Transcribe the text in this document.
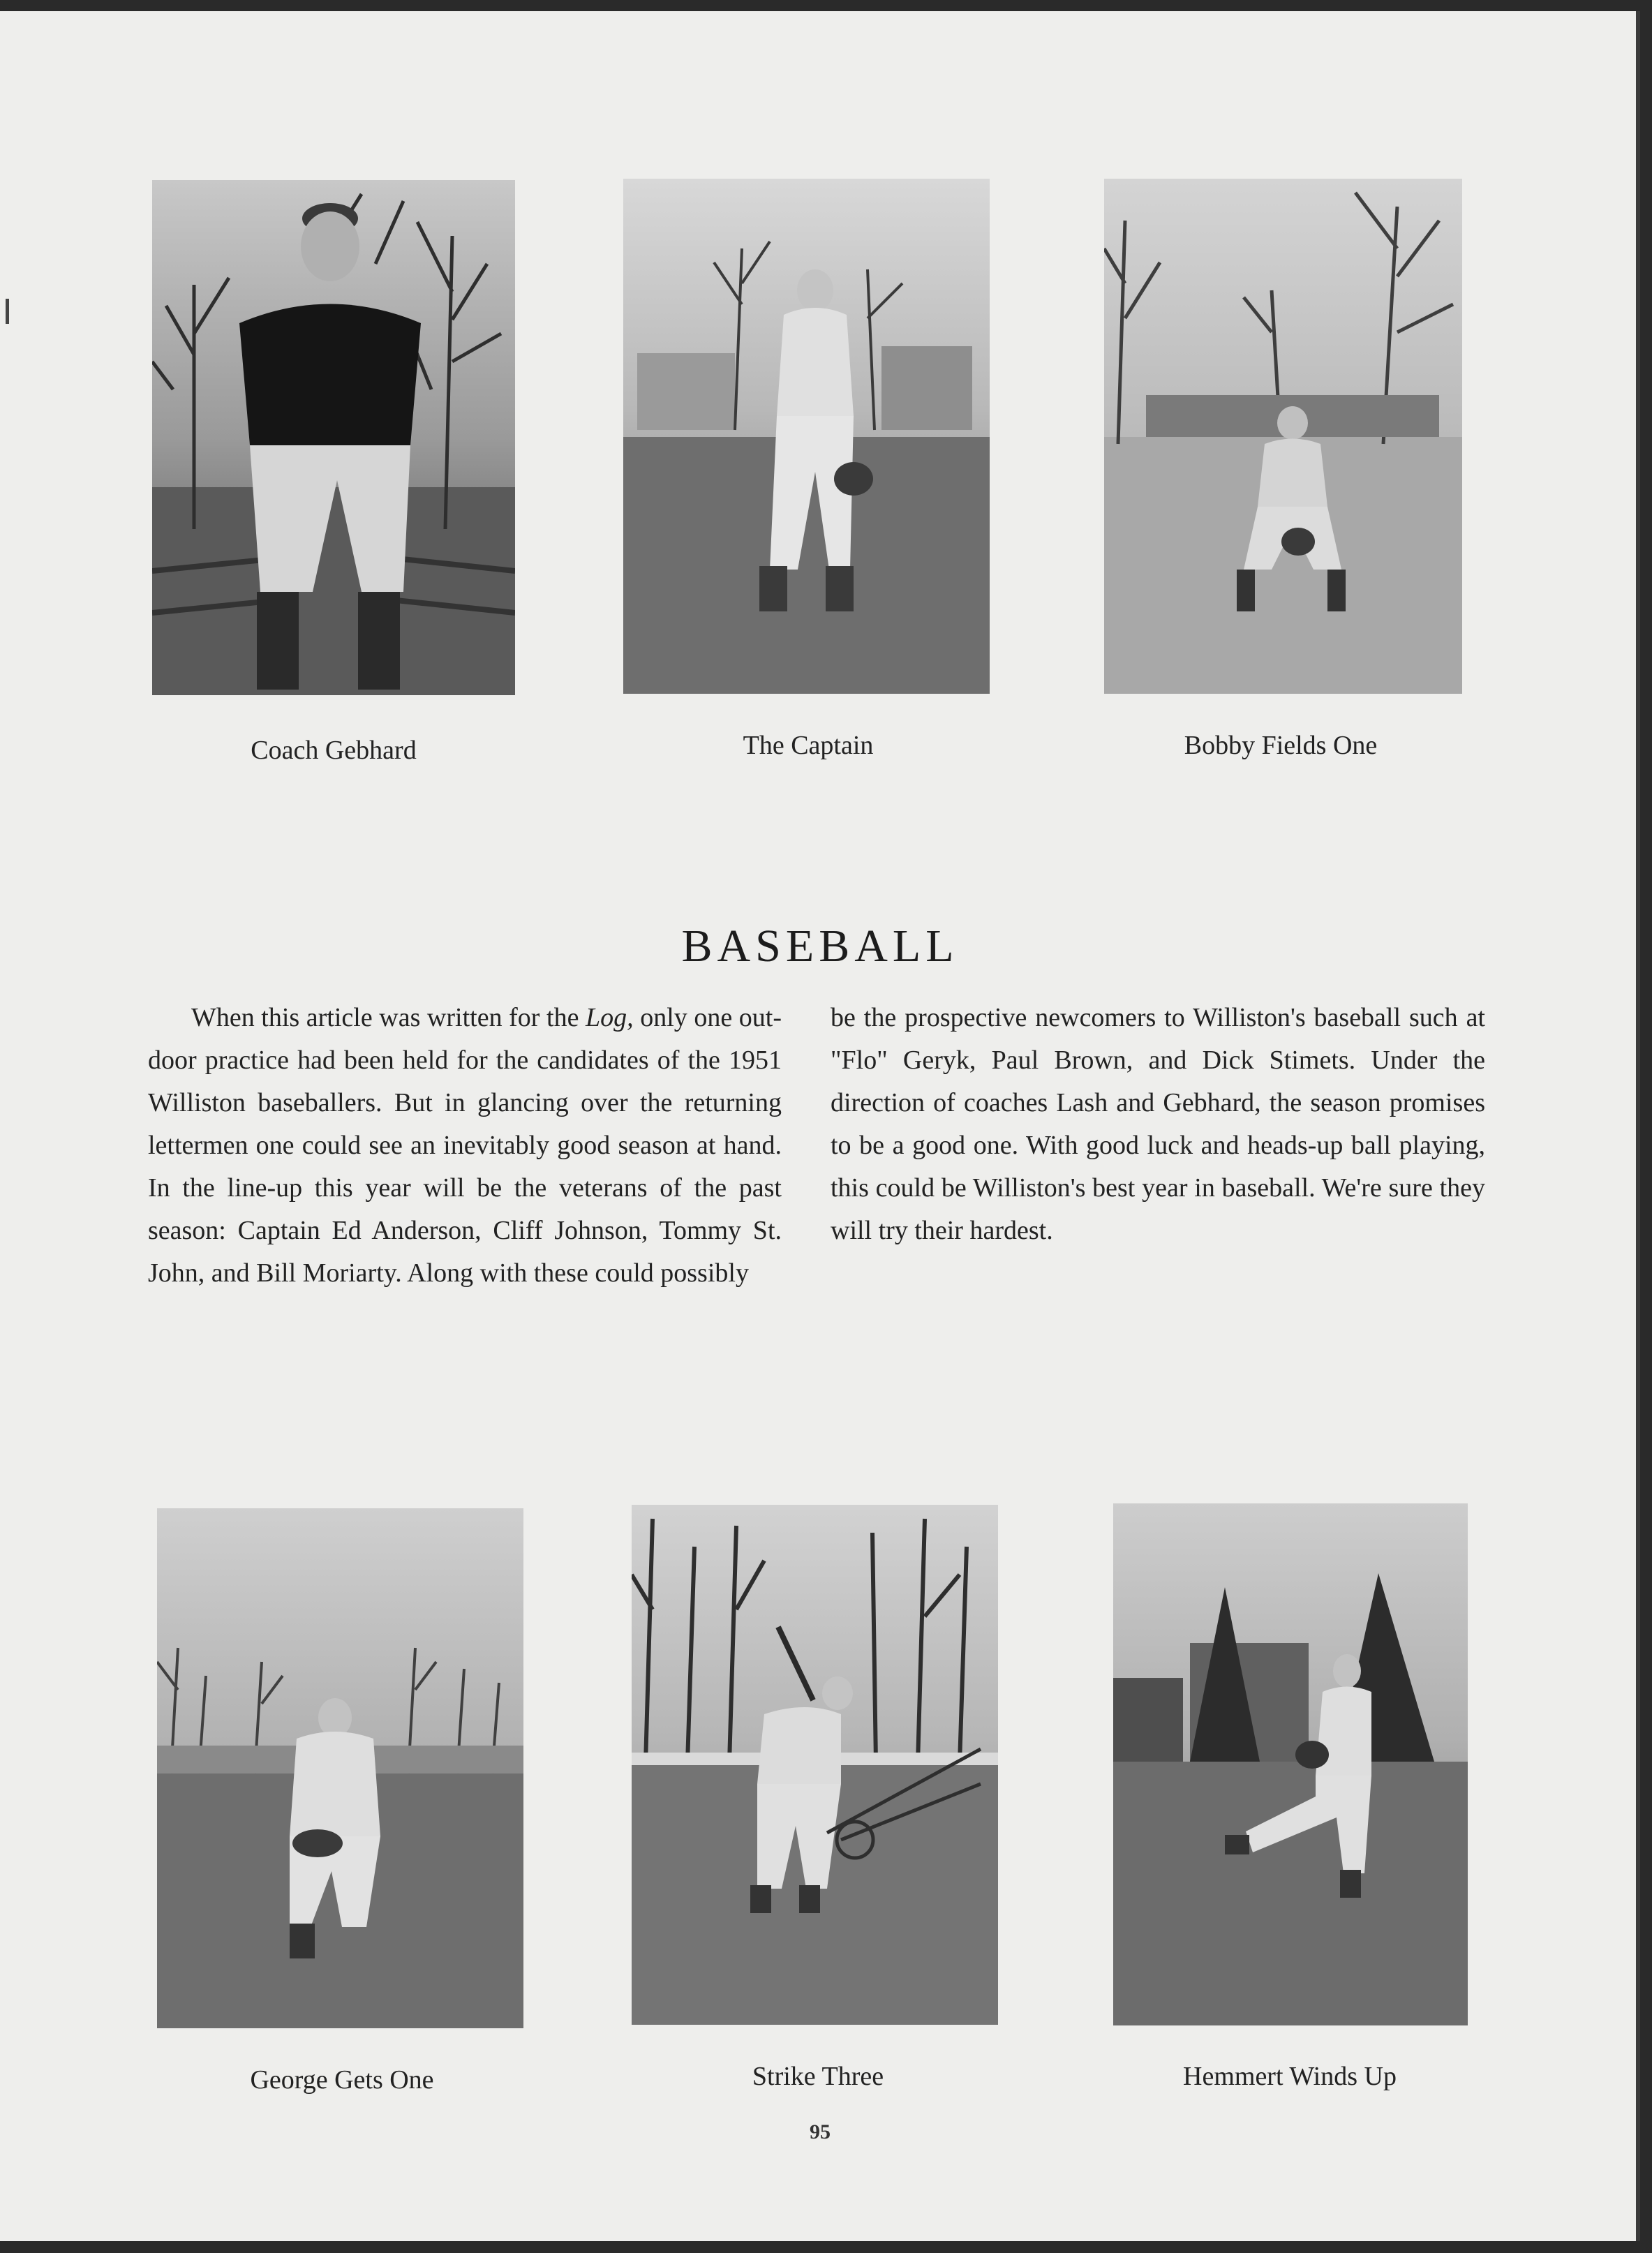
Coach Gebhard	The Captain	Bobby Fields One
BASEBALL

When this article was written for the Log, only one out-door practice had been held for the candidates of the 1951 Williston baseballers. But in glancing over the returning lettermen one could see an inevitably good season at hand. In the line-up this year will be the veterans of the past season: Captain Ed Anderson, Cliff Johnson, Tommy St. John, and Bill Moriarty. Along with these could possibly

be the prospective newcomers to Williston's baseball such at "Flo" Geryk, Paul Brown, and Dick Stimets. Under the direction of coaches Lash and Gebhard, the season promises to be a good one. With good luck and heads-up ball playing, this could be Williston's best year in baseball. We're sure they will try their hardest.

George Gets One	Strike Three	Hemmert Winds Up
95
